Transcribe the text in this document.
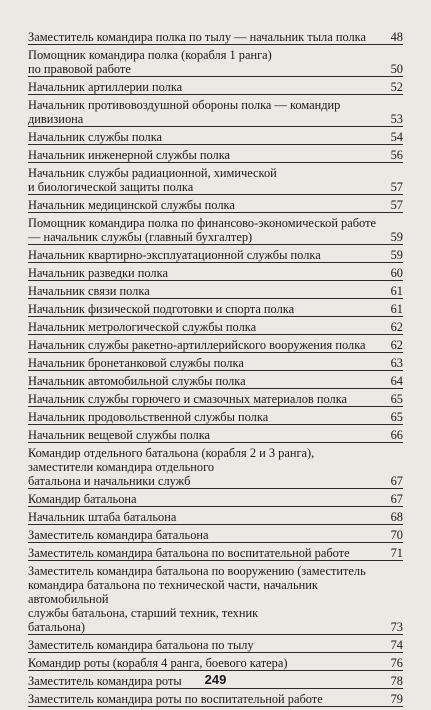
Заместитель командира полка по тылу — начальник тыла полка	48
Помощник командира полка (корабля 1 ранга)
по правовой работе	50
Начальник артиллерии полка	52
Начальник противовоздушной обороны полка — командир
дивизиона	53
Начальник службы полка	54
Начальник инженерной службы полка	56
Начальник службы радиационной, химической
и биологической защиты полка	57
Начальник медицинской службы полка	57
Помощник командира полка по финансово-экономической работе
— начальник службы (главный бухгалтер)	59
Начальник квартирно-эксплуатационной службы полка	59
Начальник разведки полка	60
Начальник связи полка	61
Начальник физической подготовки и спорта полка	61
Начальник метрологической службы полка	62
Начальник службы ракетно-артиллерийского вооружения полка	62
Начальник бронетанковой службы полка	63
Начальник автомобильной службы полка	64
Начальник службы горючего и смазочных материалов полка	65
Начальник продовольственной службы полка	65
Начальник вещевой службы полка	66
Командир отдельного батальона (корабля 2 и 3 ранга),
заместители командира отдельного
батальона и начальники служб	67
Командир батальона	67
Начальник штаба батальона	68
Заместитель командира батальона	70
Заместитель командира батальона по воспитательной работе	71
Заместитель командира батальона по вооружению (заместитель
командира батальона по технической части, начальник автомобильной
службы батальона, старший техник, техник
батальона)	73
Заместитель командира батальона по тылу	74
Командир роты (корабля 4 ранга, боевого катера)	76
Заместитель командира роты	78
Заместитель командира роты по воспитательной работе	79
249
